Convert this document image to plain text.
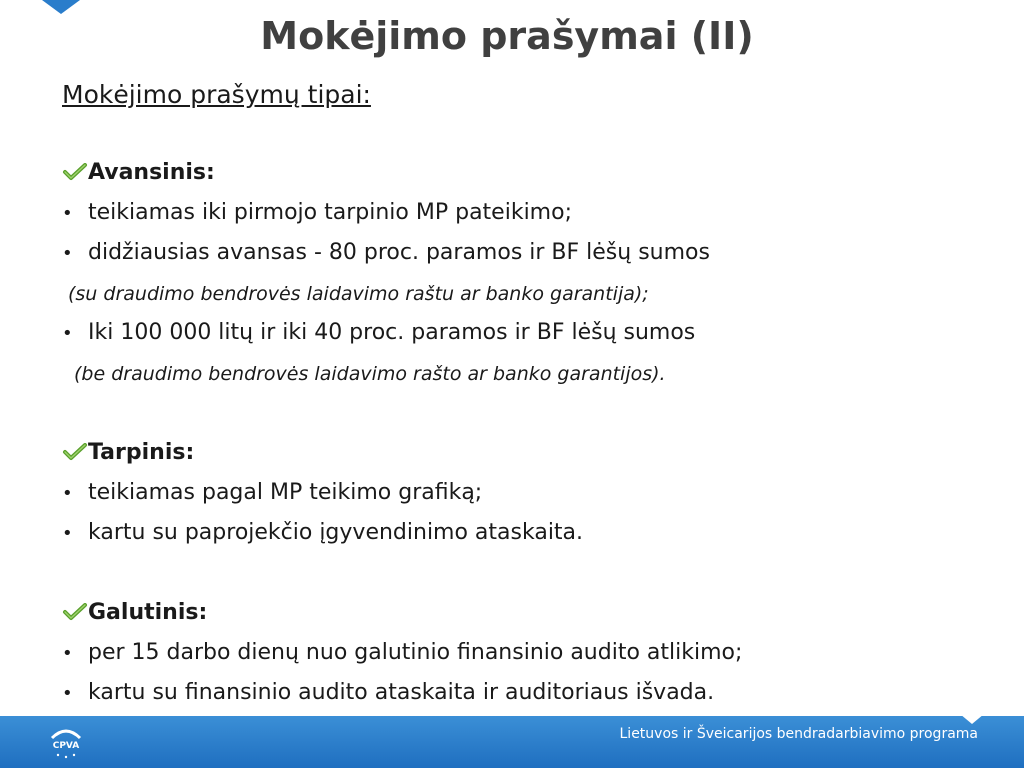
Mokėjimo prašymai (II)
Mokėjimo prašymų tipai:
Avansinis:
• teikiamas iki pirmojo tarpinio MP pateikimo;
• didžiausias avansas - 80 proc. paramos ir BF lėšų sumos
(su draudimo bendrovės laidavimo raštu ar banko garantija);
• Iki 100 000 litų ir iki 40 proc. paramos ir BF lėšų sumos
(be draudimo bendrovės laidavimo rašto ar banko garantijos).
Tarpinis:
• teikiamas pagal MP teikimo grafiką;
• kartu su paprojekčio įgyvendinimo ataskaita.
Galutinis:
• per 15 darbo dienų nuo galutinio finansinio audito atlikimo;
• kartu su finansinio audito ataskaita ir auditoriaus išvada.
CPVA
Lietuvos ir Šveicarijos bendradarbiavimo programa
